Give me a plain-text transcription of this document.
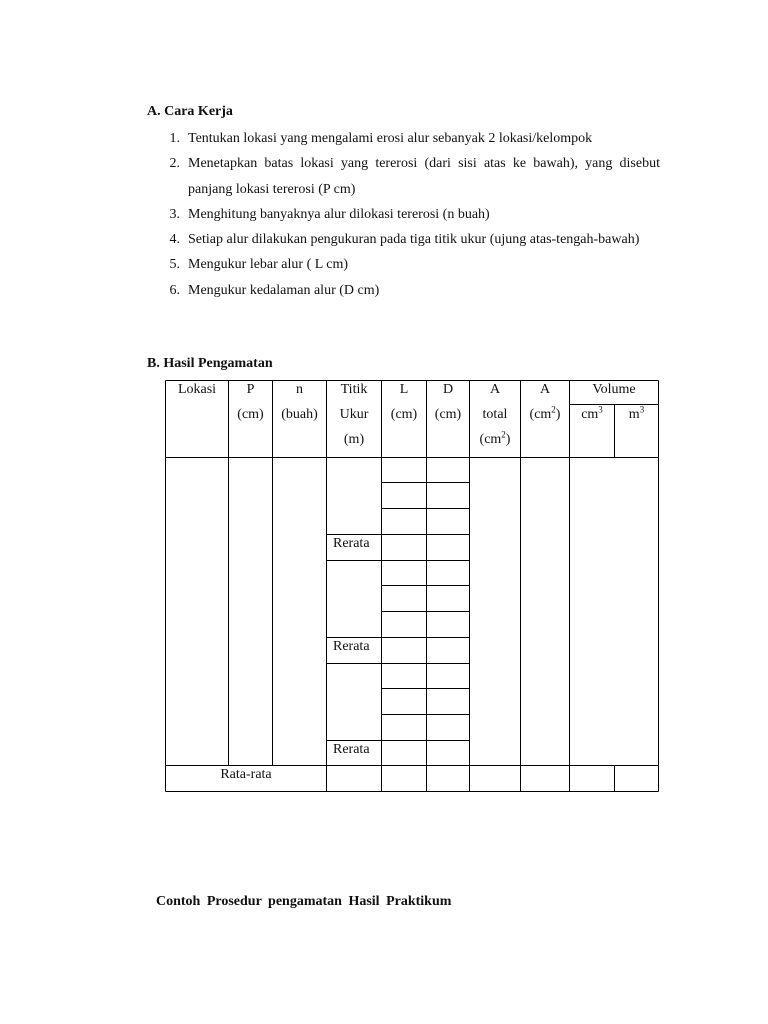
A. Cara Kerja
1. Tentukan lokasi yang mengalami erosi alur sebanyak 2 lokasi/kelompok
2. Menetapkan batas lokasi yang tererosi (dari sisi atas ke bawah), yang disebut panjang lokasi tererosi (P cm)
3. Menghitung banyaknya alur dilokasi tererosi (n buah)
4. Setiap alur dilakukan pengukuran pada tiga titik ukur (ujung atas-tengah-bawah)
5. Mengukur lebar alur ( L cm)
6. Mengukur kedalaman alur (D cm)
B. Hasil Pengamatan
Lokasi	P
(cm)
n
(buah)
Titik
Ukur
(m)
L
(cm)
D
(cm)
A
total
$(cm^2)$
A
$(cm^2)$
Volume
$cm^3$	$m^3$
Rerata
Rerata
Rerata
Rata-rata
Contoh Prosedur pengamatan Hasil Praktikum
